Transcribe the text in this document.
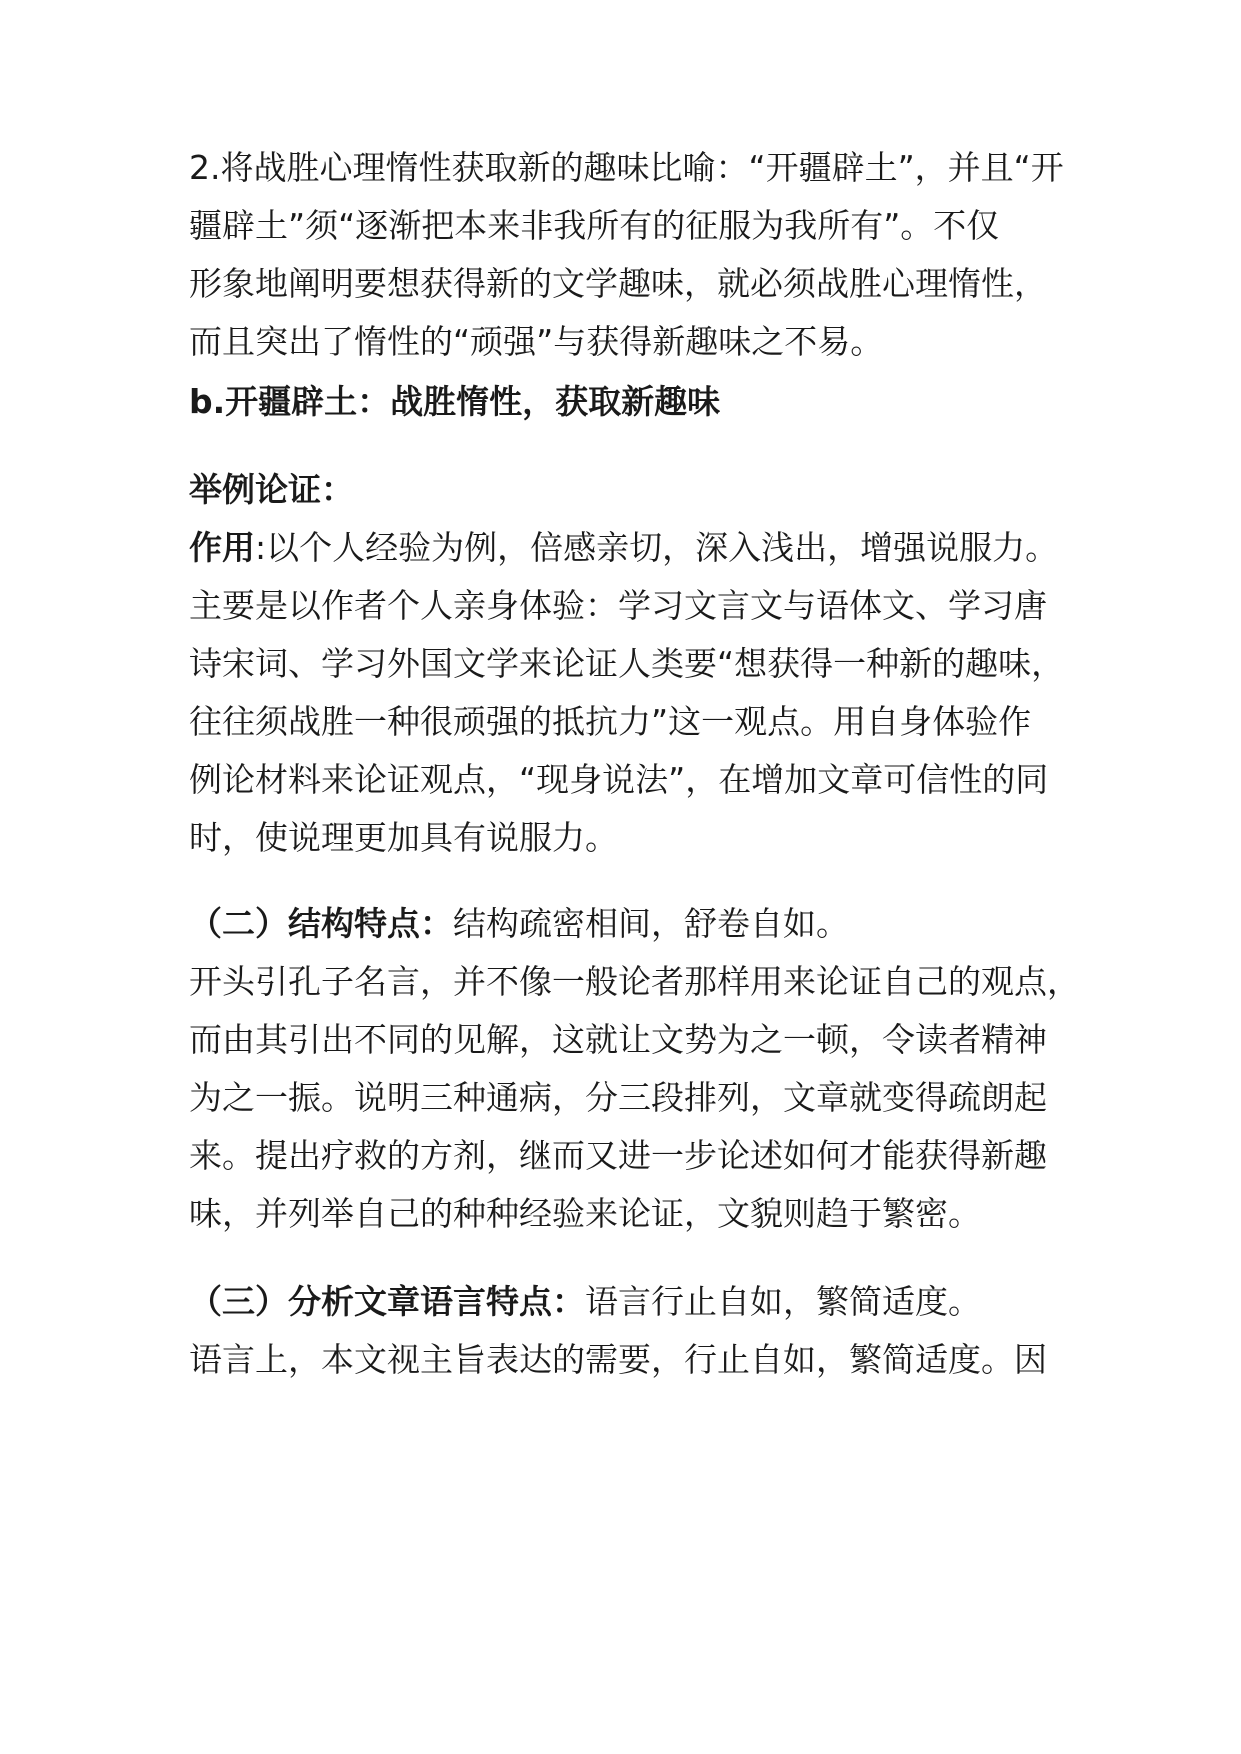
2.将战胜心理惰性获取新的趣味比喻：“开疆辟土”，并且“开
疆辟土”须“逐渐把本来非我所有的征服为我所有”。不仅
形象地阐明要想获得新的文学趣味，就必须战胜心理惰性，
而且突出了惰性的“顽强”与获得新趣味之不易。
b.开疆辟土：战胜惰性，获取新趣味
举例论证：
作用:以个人经验为例，倍感亲切，深入浅出，增强说服力。
主要是以作者个人亲身体验：学习文言文与语体文、学习唐
诗宋词、学习外国文学来论证人类要“想获得一种新的趣味，
往往须战胜一种很顽强的抵抗力”这一观点。用自身体验作
例论材料来论证观点，“现身说法”，在增加文章可信性的同
时，使说理更加具有说服力。
（二）结构特点：结构疏密相间，舒卷自如。
开头引孔子名言，并不像一般论者那样用来论证自己的观点，
而由其引出不同的见解，这就让文势为之一顿，令读者精神
为之一振。说明三种通病，分三段排列，文章就变得疏朗起
来。提出疗救的方剂，继而又进一步论述如何才能获得新趣
味，并列举自己的种种经验来论证，文貌则趋于繁密。
（三）分析文章语言特点：语言行止自如，繁简适度。
语言上，本文视主旨表达的需要，行止自如，繁简适度。因
